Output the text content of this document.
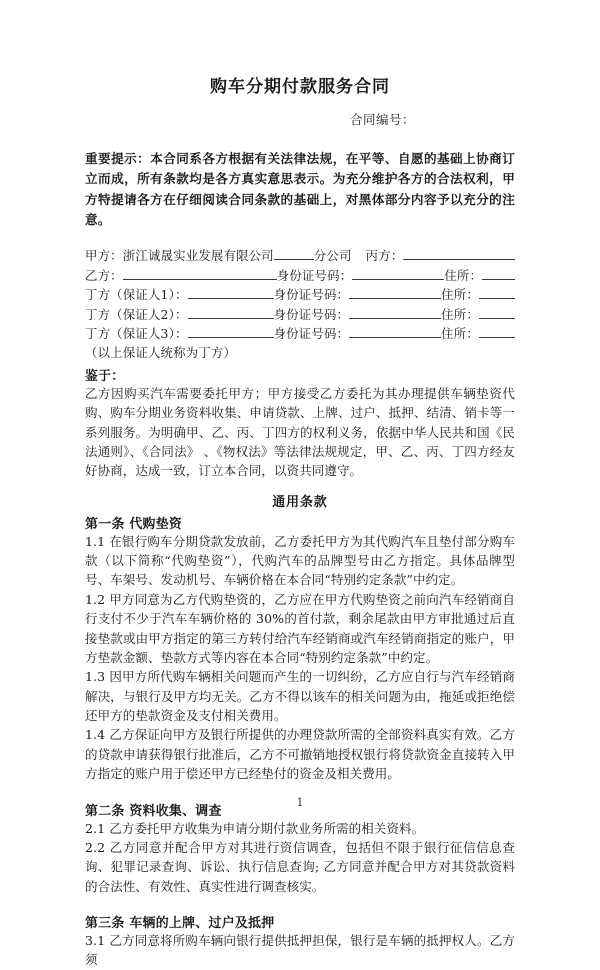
购车分期付款服务合同
合同编号：
重要提示：本合同系各方根据有关法律法规，在平等、自愿的基础上协商订立而成，所有条款均是各方真实意思表示。为充分维护各方的合法权利，甲方特提请各方在仔细阅读合同条款的基础上，对黑体部分内容予以充分的注意。
甲方： 浙江诚晟实业发展有限公司	分公司 丙方：
乙方：	身份证号码：	住所：
丁方（保证人1）：	身份证号码：	住所：
丁方（保证人2）：	身份证号码：	住所：
丁方（保证人3）：	身份证号码：	住所：
（以上保证人统称为丁方）
鉴于：
乙方因购买汽车需要委托甲方；甲方接受乙方委托为其办理提供车辆垫资代购、购车分期业务资料收集、申请贷款、上牌、过户、抵押、结清、销卡等一系列服务。为明确甲、乙、丙、丁四方的权利义务，依据中华人民共和国《民法通则》、《合同法》 、《物权法》等法律法规规定，甲、乙、丙、丁四方经友好协商，达成一致，订立本合同，以资共同遵守。
通用条款
第一条 代购垫资
1.1 在银行购车分期贷款发放前，乙方委托甲方为其代购汽车且垫付部分购车款（以下简称“代购垫资”），代购汽车的品牌型号由乙方指定。具体品牌型号、车架号、发动机号、车辆价格在本合同“特别约定条款”中约定。
1.2 甲方同意为乙方代购垫资的，乙方应在甲方代购垫资之前向汽车经销商自行支付不少于汽车车辆价格的 30%的首付款，剩余尾款由甲方审批通过后直接垫款或由甲方指定的第三方转付给汽车经销商或汽车经销商指定的账户，甲方垫款金额、垫款方式等内容在本合同“特别约定条款”中约定。
1.3 因甲方所代购车辆相关问题而产生的一切纠纷，乙方应自行与汽车经销商解决，与银行及甲方均无关。乙方不得以该车的相关问题为由，拖延或拒绝偿还甲方的垫款资金及支付相关费用。
1.4 乙方保证向甲方及银行所提供的办理贷款所需的全部资料真实有效。乙方的贷款申请获得银行批准后，乙方不可撤销地授权银行将贷款资金直接转入甲方指定的账户用于偿还甲方已经垫付的资金及相关费用。
第二条 资料收集、调查
2.1 乙方委托甲方收集为申请分期付款业务所需的相关资料。
2.2 乙方同意并配合甲方对其进行资信调查，包括但不限于银行征信信息查询、犯罪记录查询、诉讼、执行信息查询; 乙方同意并配合甲方对其贷款资料的合法性、有效性、真实性进行调查核实。
第三条 车辆的上牌、过户及抵押
3.1 乙方同意将所购车辆向银行提供抵押担保，银行是车辆的抵押权人。乙方须
1
